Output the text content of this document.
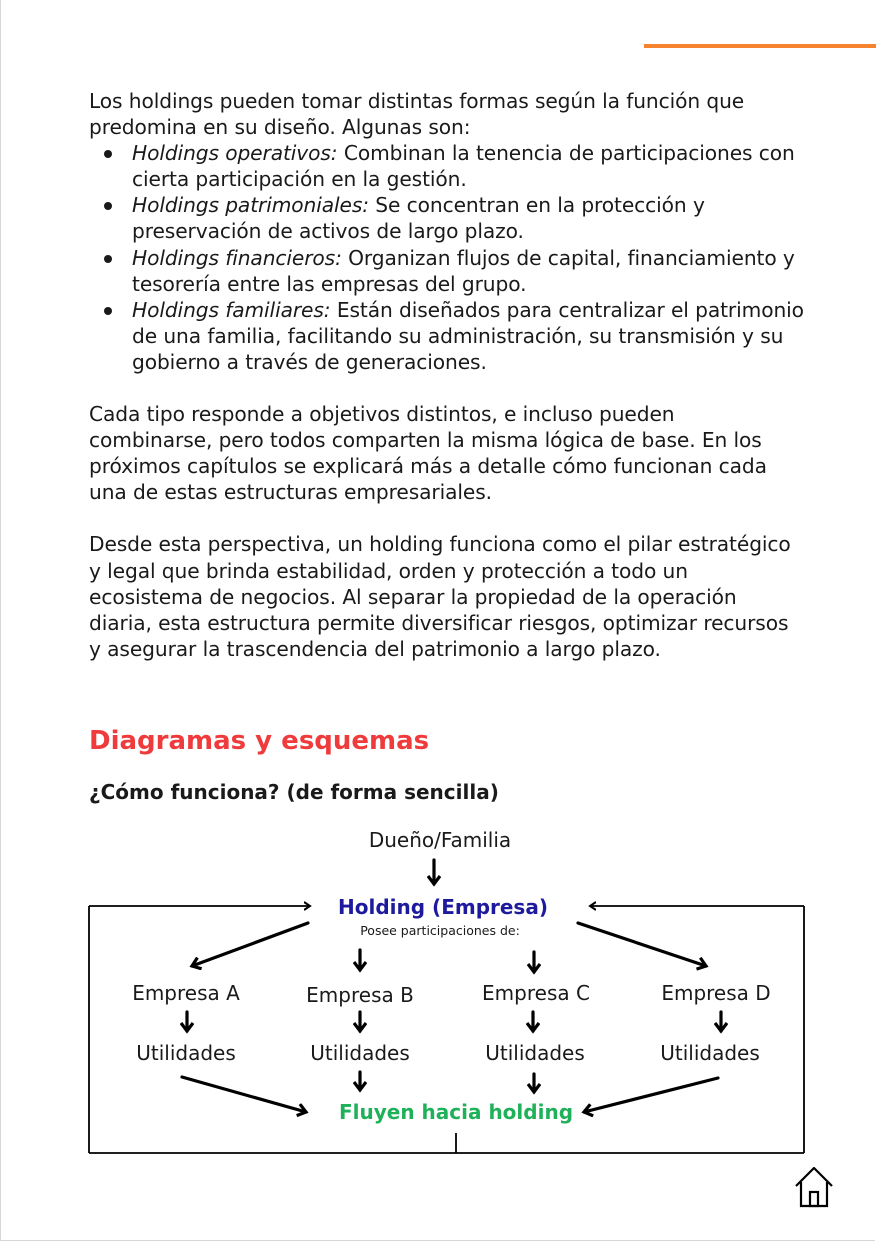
Los holdings pueden tomar distintas formas según la función que predomina en su diseño. Algunas son:

Holdings operativos: Combinan la tenencia de participaciones con cierta participación en la gestión.
Holdings patrimoniales: Se concentran en la protección y preservación de activos de largo plazo.
Holdings financieros: Organizan flujos de capital, financiamiento y tesorería entre las empresas del grupo.
Holdings familiares: Están diseñados para centralizar el patrimonio de una familia, facilitando su administración, su transmisión y su gobierno a través de generaciones.

Cada tipo responde a objetivos distintos, e incluso pueden combinarse, pero todos comparten la misma lógica de base. En los próximos capítulos se explicará más a detalle cómo funcionan cada una de estas estructuras empresariales.

Desde esta perspectiva, un holding funciona como el pilar estratégico y legal que brinda estabilidad, orden y protección a todo un ecosistema de negocios. Al separar la propiedad de la operación diaria, esta estructura permite diversificar riesgos, optimizar recursos y asegurar la trascendencia del patrimonio a largo plazo.

Diagramas y esquemas
¿Cómo funciona? (de forma sencilla)
Dueño/Familia
Holding (Empresa)
Posee participaciones de:
Empresa A	Empresa B	Empresa C	Empresa D
Utilidades	Utilidades	Utilidades	Utilidades
Fluyen hacia holding
